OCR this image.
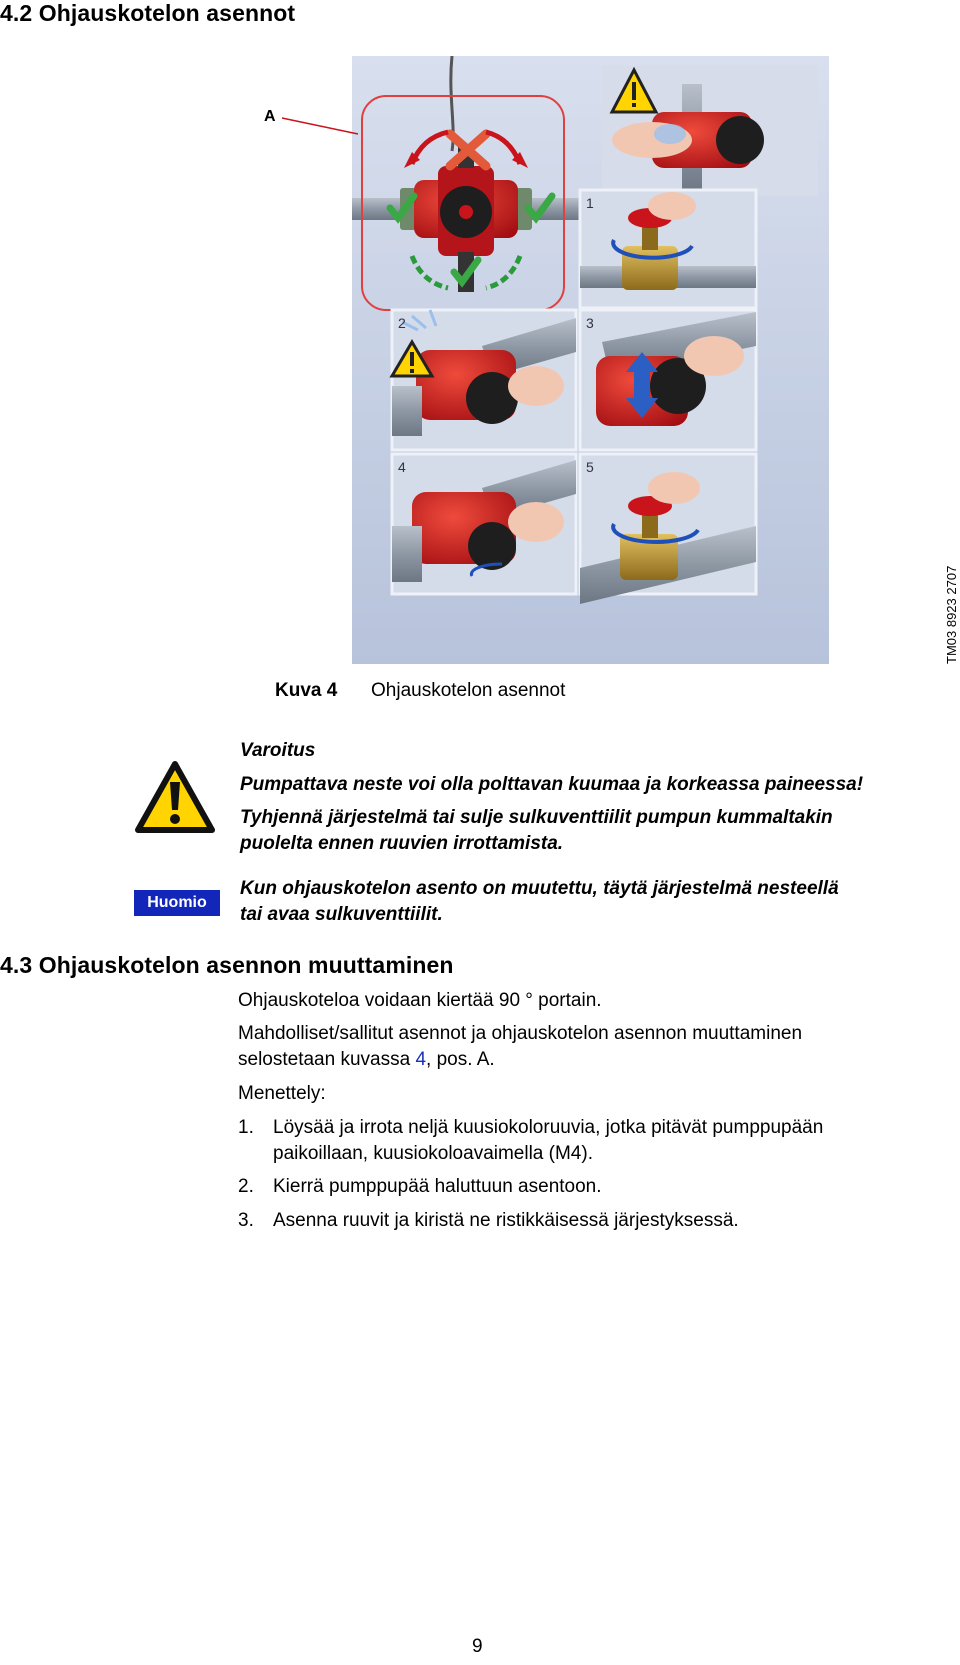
4.2 Ohjauskotelon asennot
1
2	3
4	5
A
TM03 8923 2707
Kuva 4 Ohjauskotelon asennot
Varoitus
Pumpattava neste voi olla polttavan kuumaa ja korkeassa paineessa!
Tyhjennä järjestelmä tai sulje sulkuventtiilit pumpun kummaltakin
puolelta ennen ruuvien irrottamista.
Huomio
Kun ohjauskotelon asento on muutettu, täytä järjestelmä nesteellä
tai avaa sulkuventtiilit.
4.3 Ohjauskotelon asennon muuttaminen
Ohjauskoteloa voidaan kiertää 90 ° portain.
Mahdolliset/sallitut asennot ja ohjauskotelon asennon muuttaminen
selostetaan kuvassa 4, pos. A.
Menettely:
1. Löysää ja irrota neljä kuusiokoloruuvia, jotka pitävät pumppupään
paikoillaan, kuusiokoloavaimella (M4).
2. Kierrä pumppupää haluttuun asentoon.
3. Asenna ruuvit ja kiristä ne ristikkäisessä järjestyksessä.
9
